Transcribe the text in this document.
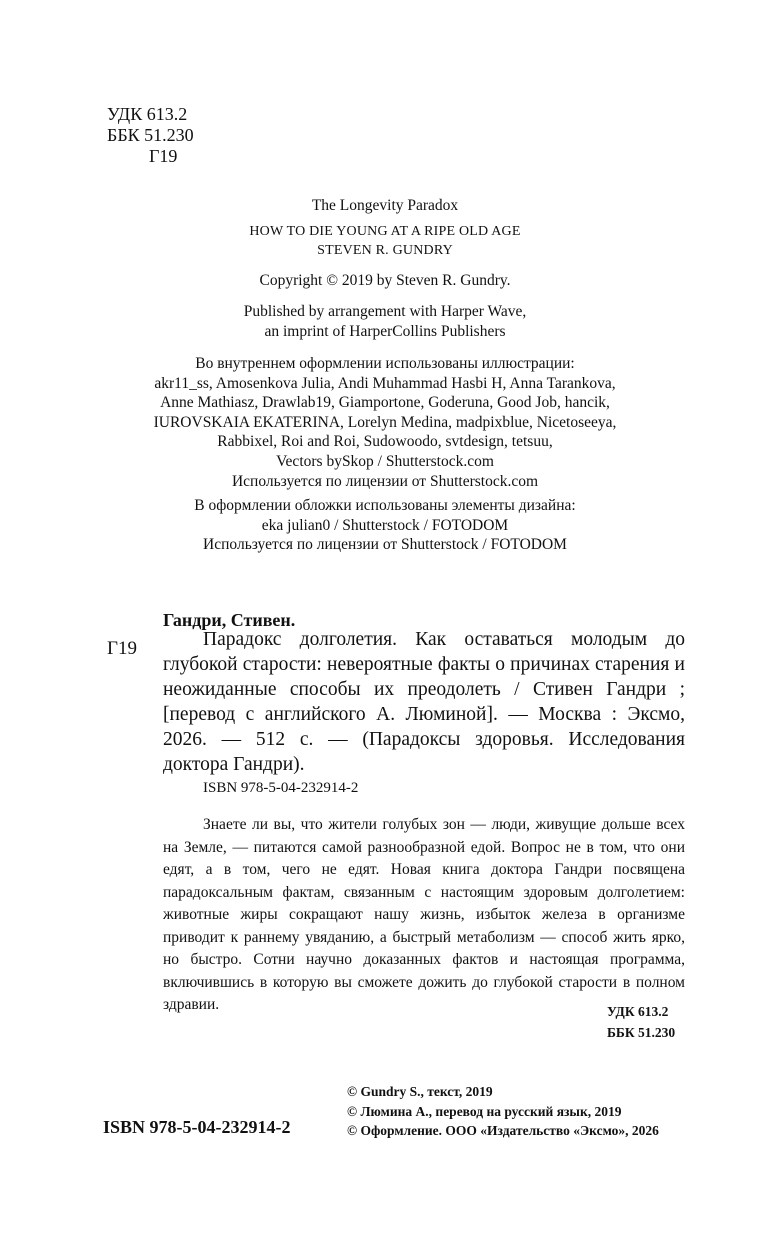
УДК 613.2
ББК 51.230
Г19
The Longevity Paradox
HOW TO DIE YOUNG AT A RIPE OLD AGE
STEVEN R. GUNDRY
Copyright © 2019 by Steven R. Gundry.
Published by arrangement with Harper Wave,
an imprint of HarperCollins Publishers
Во внутреннем оформлении использованы иллюстрации:
akr11_ss, Amosenkova Julia, Andi Muhammad Hasbi H, Anna Tarankova,
Anne Mathiasz, Drawlab19, Giamportone, Goderuna, Good Job, hancik,
IUROVSKAIA EKATERINA, Lorelyn Medina, madpixblue, Nicetoseeya,
Rabbixel, Roi and Roi, Sudowoodo, svtdesign, tetsuu,
Vectors bySkop / Shutterstock.com
Используется по лицензии от Shutterstock.com
В оформлении обложки использованы элементы дизайна:
eka julian0 / Shutterstock / FOTODOM
Используется по лицензии от Shutterstock / FOTODOM
Гандри, Стивен.
Г19	Парадокс долголетия. Как оставаться молодым до глубокой старости: невероятные факты о причинах старения и неожиданные способы их преодолеть / Стивен Гандри ; [перевод с английского А. Люминой]. — Москва : Эксмо, 2026. — 512 с. — (Парадоксы здоровья. Исследования доктора Гандри).
ISBN 978-5-04-232914-2
Знаете ли вы, что жители голубых зон — люди, живущие дольше всех на Земле, — питаются самой разнообразной едой. Вопрос не в том, что они едят, а в том, чего не едят. Новая книга доктора Гандри посвящена парадоксальным фактам, связанным с настоящим здоровым долголетием: животные жиры сокращают нашу жизнь, избыток железа в организме приводит к раннему увяданию, а быстрый метаболизм — способ жить ярко, но быстро. Сотни научно доказанных фактов и настоящая программа, включившись в которую вы сможете дожить до глубокой старости в полном здравии.	УДК 613.2
ББК 51.230
© Gundry S., текст, 2019
© Люмина А., перевод на русский язык, 2019
© Оформление. ООО «Издательство «Эксмо», 2026
ISBN 978-5-04-232914-2
